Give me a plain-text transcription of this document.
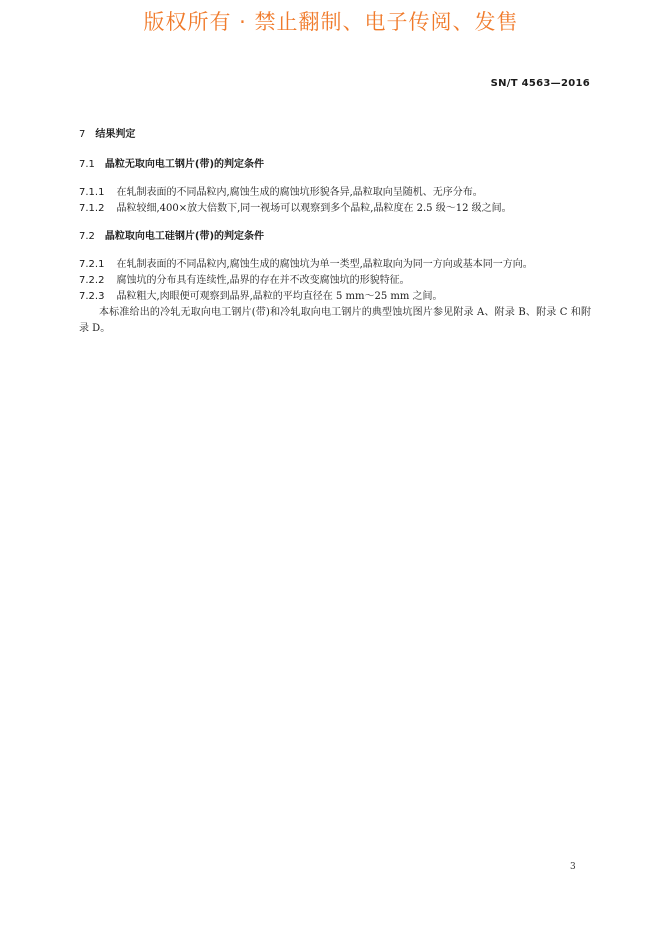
版权所有 · 禁止翻制、电子传阅、发售
SN/T 4563—2016
7 结果判定
7.1 晶粒无取向电工钢片(带)的判定条件

7.1.1 在轧制表面的不同晶粒内,腐蚀生成的腐蚀坑形貌各异,晶粒取向呈随机、无序分布。

7.1.2 晶粒较细,400×放大倍数下,同一视场可以观察到多个晶粒,晶粒度在 2.5 级～12 级之间。

7.2 晶粒取向电工硅钢片(带)的判定条件

7.2.1 在轧制表面的不同晶粒内,腐蚀生成的腐蚀坑为单一类型,晶粒取向为同一方向或基本同一方向。

7.2.2 腐蚀坑的分布具有连续性,晶界的存在并不改变腐蚀坑的形貌特征。

7.2.3 晶粒粗大,肉眼便可观察到晶界,晶粒的平均直径在 5 mm～25 mm 之间。

本标准给出的冷轧无取向电工钢片(带)和冷轧取向电工钢片的典型蚀坑图片参见附录 A、附录 B、附录 C 和附录 D。

3
